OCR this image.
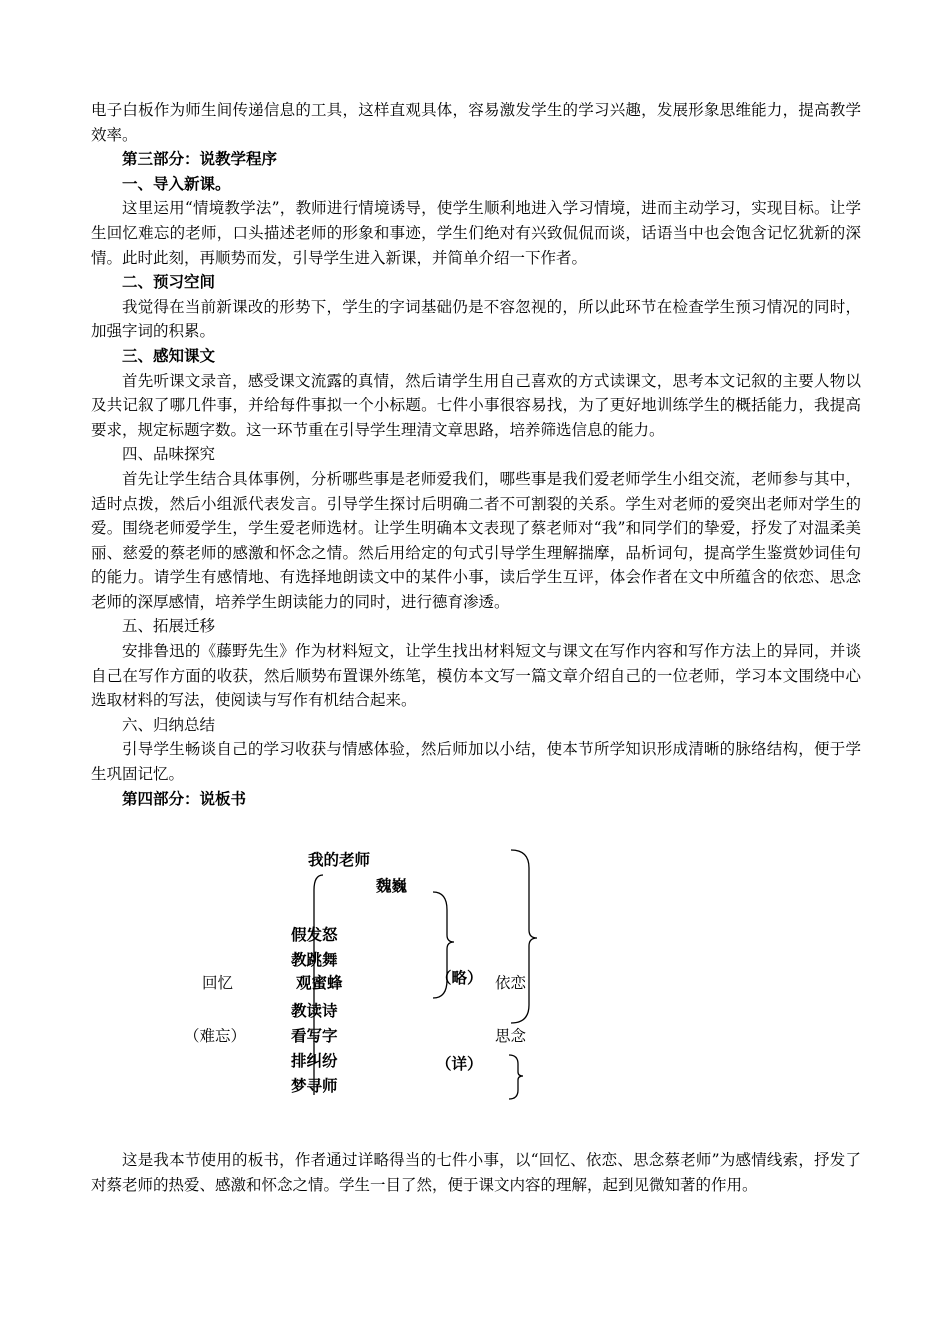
电子白板作为师生间传递信息的工具，这样直观具体，容易激发学生的学习兴趣，发展形象思维能力，提高教学效率。

第三部分：说教学程序

一、导入新课。

这里运用“情境教学法”，教师进行情境诱导，使学生顺利地进入学习情境，进而主动学习，实现目标。让学生回忆难忘的老师，口头描述老师的形象和事迹，学生们绝对有兴致侃侃而谈，话语当中也会饱含记忆犹新的深情。此时此刻，再顺势而发，引导学生进入新课，并简单介绍一下作者。

二、预习空间

我觉得在当前新课改的形势下，学生的字词基础仍是不容忽视的，所以此环节在检查学生预习情况的同时，加强字词的积累。

三、感知课文

首先听课文录音，感受课文流露的真情，然后请学生用自己喜欢的方式读课文，思考本文记叙的主要人物以及共记叙了哪几件事，并给每件事拟一个小标题。七件小事很容易找，为了更好地训练学生的概括能力，我提高要求，规定标题字数。这一环节重在引导学生理清文章思路，培养筛选信息的能力。

四、品味探究

首先让学生结合具体事例，分析哪些事是老师爱我们，哪些事是我们爱老师学生小组交流，老师参与其中，适时点拨，然后小组派代表发言。引导学生探讨后明确二者不可割裂的关系。学生对老师的爱突出老师对学生的爱。围绕老师爱学生，学生爱老师选材。让学生明确本文表现了蔡老师对“我”和同学们的挚爱，抒发了对温柔美丽、慈爱的蔡老师的感激和怀念之情。然后用给定的句式引导学生理解揣摩，品析词句，提高学生鉴赏妙词佳句的能力。请学生有感情地、有选择地朗读文中的某件小事，读后学生互评，体会作者在文中所蕴含的依恋、思念老师的深厚感情，培养学生朗读能力的同时，进行德育渗透。

五、拓展迁移

安排鲁迅的《藤野先生》作为材料短文，让学生找出材料短文与课文在写作内容和写作方法上的异同，并谈自己在写作方面的收获，然后顺势布置课外练笔，模仿本文写一篇文章介绍自己的一位老师，学习本文围绕中心选取材料的写法，使阅读与写作有机结合起来。

六、归纳总结

引导学生畅谈自己的学习收获与情感体验，然后师加以小结，使本节所学知识形成清晰的脉络结构，便于学生巩固记忆。

第四部分：说板书

我的老师
魏巍
假发怒
教跳舞
观蜜蜂
教读诗
看写字
排纠纷
梦寻师
回忆
（难忘）
（略）
（详）
依恋
思念

这是我本节使用的板书，作者通过详略得当的七件小事，以“回忆、依恋、思念蔡老师”为感情线索，抒发了对蔡老师的热爱、感激和怀念之情。学生一目了然，便于课文内容的理解，起到见微知著的作用。
